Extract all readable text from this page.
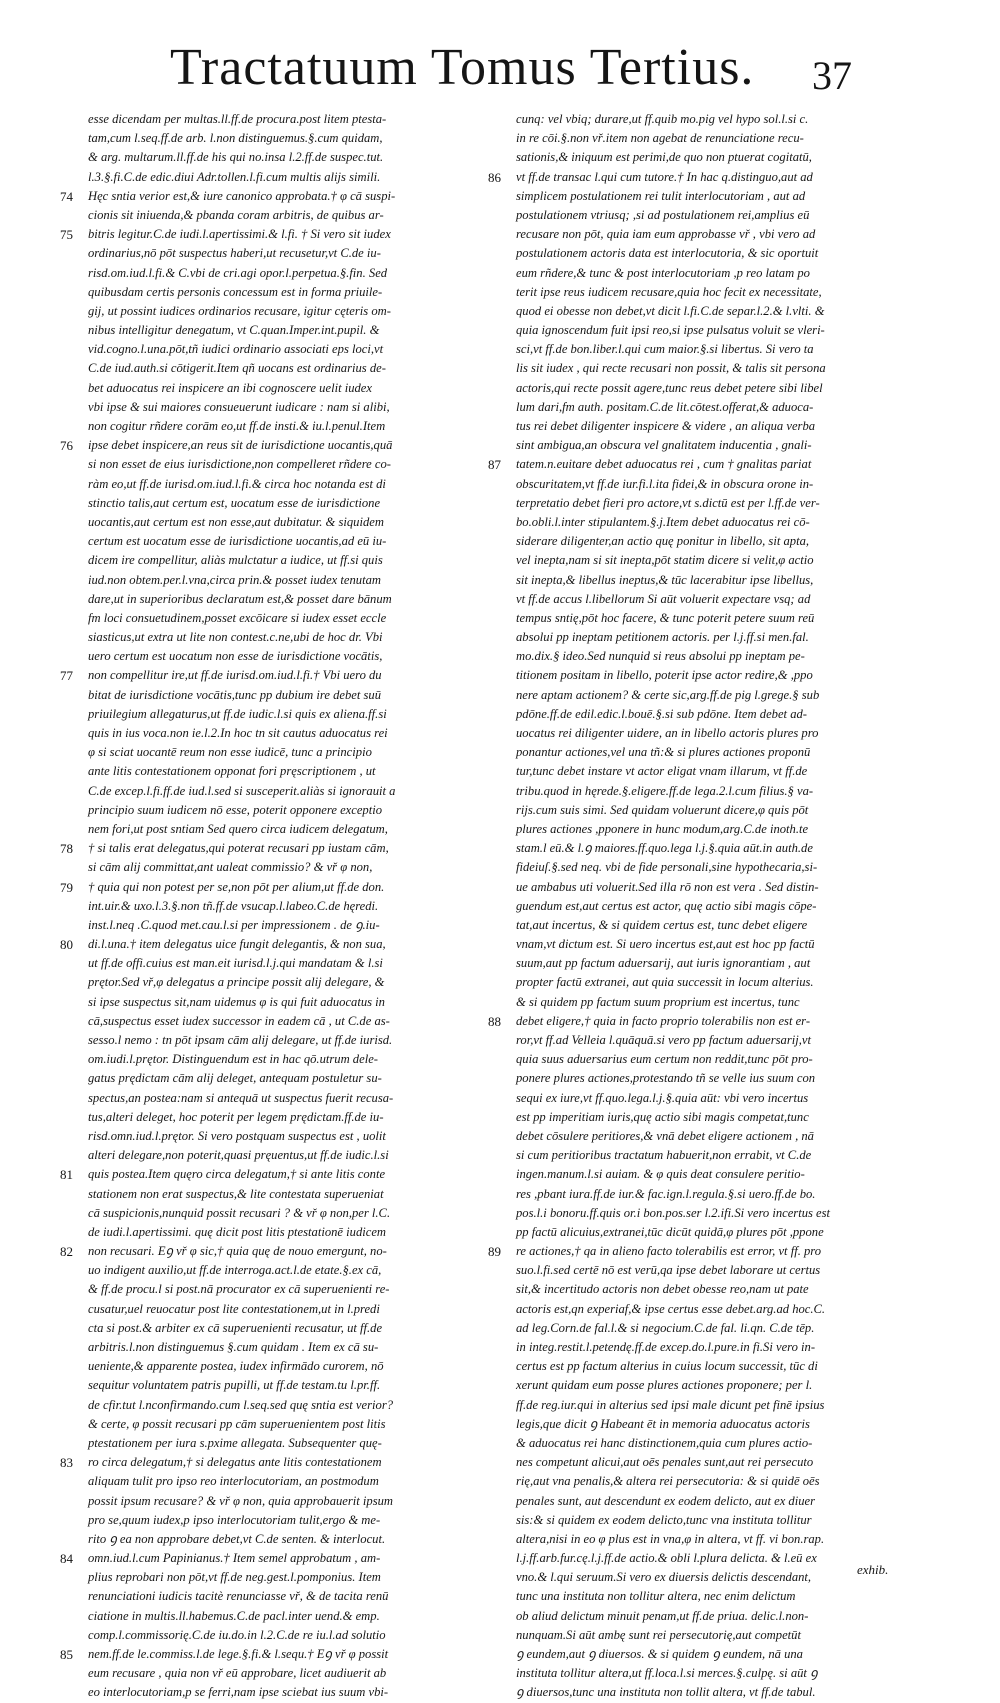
Tractatuum Tomus Tertius. 37
esse dicendam per multas.ll.ff.de procura.post litem ptesta-
tam,cum l.seq.ff.de arb. l.non distinguemus.§.cum quidam,
& arg. multarum.ll.ff.de his qui no.insa l.2.ff.de suspec.tut.
l.3.§.fi.C.de edic.diui Adr.tollen.l.fi.cum multis alijs simili.
74	Hęc sntia verior est,& iure canonico approbata.† φ cā suspi-
cionis sit iniuenda,& pbanda coram arbitris, de quibus ar-
75	bitris legitur.C.de iudi.l.apertissimi.& l.fi. † Si vero sit iudex
ordinarius,nō pōt suspectus haberi,ut recusetur,vt C.de iu-
risd.om.iud.l.fi.& C.vbi de cri.agi opor.l.perpetua.§.fin. Sed
quibusdam certis personis concessum est in forma priuile-
gij, ut possint iudices ordinarios recusare, igitur cęteris om-
nibus intelligitur denegatum, vt C.quan.Imper.int.pupil. &
vid.cogno.l.una.pōt,tñ iudici ordinario associati eps loci,vt
C.de iud.auth.si cōtigerit.Item qñ uocans est ordinarius de-
bet aduocatus rei inspicere an ibi cognoscere uelit iudex
vbi ipse & sui maiores consueuerunt iudicare : nam si alibi,
non cogitur rñdere corām eo,ut ff.de insti.& iu.l.penul.Item
76	ipse debet inspicere,an reus sit de iurisdictione uocantis,quā
si non esset de eius iurisdictione,non compelleret rñdere co-
ràm eo,ut ff.de iurisd.om.iud.l.fi.& circa hoc notanda est di
stinctio talis,aut certum est, uocatum esse de iurisdictione
uocantis,aut certum est non esse,aut dubitatur. & siquidem
certum est uocatum esse de iurisdictione uocantis,ad eū iu-
dicem ire compellitur, aliàs mulctatur a iudice, ut ff.si quis
iud.non obtem.per.l.vna,circa prin.& posset iudex tenutam
dare,ut in superioribus declaratum est,& posset dare bānum
fm loci consuetudinem,posset excōicare si iudex esset eccle
siasticus,ut extra ut lite non contest.c.ne,ubi de hoc dr. Vbi
uero certum est uocatum non esse de iurisdictione vocātis,
77	non compellitur ire,ut ff.de iurisd.om.iud.l.fi.† Vbi uero du
bitat de iurisdictione vocātis,tunc pp dubium ire debet suū
priuilegium allegaturus,ut ff.de iudic.l.si quis ex aliena.ff.si
quis in ius voca.non ie.l.2.In hoc tn sit cautus aduocatus rei
φ si sciat uocantē reum non esse iudicē, tunc a principio
ante litis contestationem opponat fori pręscriptionem , ut
C.de excep.l.fi.ff.de iud.l.sed si susceperit.aliàs si ignorauit a
principio suum iudicem nō esse, poterit opponere exceptio
nem fori,ut post sntiam Sed quero circa iudicem delegatum,
78	† si talis erat delegatus,qui poterat recusari pp iustam cām,
si cām alij committat,ant ualeat commissio? & vř φ non,
79	† quia qui non potest per se,non pōt per alium,ut ff.de don.
int.uir.& uxo.l.3.§.non tñ.ff.de vsucap.l.labeo.C.de hęredi.
inst.l.neq .C.quod met.cau.l.si per impressionem . de ꝯ.iu-
80	di.l.una.† item delegatus uice fungit delegantis, & non sua,
ut ff.de offi.cuius est man.eit iurisd.l.j.qui mandatam & l.si
prętor.Sed vř,φ delegatus a principe possit alij delegare, &
si ipse suspectus sit,nam uidemus φ is qui fuit aduocatus in
cā,suspectus esset iudex successor in eadem cā , ut C.de as-
sesso.l nemo : tn pōt ipsam cām alij delegare, ut ff.de iurisd.
om.iudi.l.prętor. Distinguendum est in hac qō.utrum dele-
gatus prędictam cām alij deleget, antequam postuletur su-
spectus,an postea:nam si antequā ut suspectus fuerit recusa-
tus,alteri deleget, hoc poterit per legem prędictam.ff.de iu-
risd.omn.iud.l.prętor. Si vero postquam suspectus est , uolit
alteri delegare,non poterit,quasi pręuentus,ut ff.de iudic.l.si
81	quis postea.Item quęro circa delegatum,† si ante litis conte
stationem non erat suspectus,& lite contestata superueniat
cā suspicionis,nunquid possit recusari ? & vř φ non,per l.C.
de iudi.l.apertissimi. quę dicit post litis ptestationē iudicem
82	non recusari. Eꝯ vř φ sic,† quia quę de nouo emergunt, no-
uo indigent auxilio,ut ff.de interroga.act.l.de etate.§.ex cā,
& ff.de procu.l si post.nā procurator ex cā superuenienti re-
cusatur,uel reuocatur post lite contestationem,ut in l.predi
cta si post.& arbiter ex cā superuenienti recusatur, ut ff.de
arbitris.l.non distinguemus §.cum quidam . Item ex cā su-
ueniente,& apparente postea, iudex infirmādo curorem, nō
sequitur voluntatem patris pupilli, ut ff.de testam.tu l.pr.ff.
de cfir.tut l.nconfirmando.cum l.seq.sed quę sntia est verior?
& certe, φ possit recusari pp cām superuenientem post litis
ptestationem per iura s.pxime allegata. Subsequenter quę-
83	ro circa delegatum,† si delegatus ante litis contestationem
aliquam tulit pro ipso reo interlocutoriam, an postmodum
possit ipsum recusare? & vř φ non, quia approbauerit ipsum
pro se,quum iudex,p ipso interlocutoriam tulit,ergo & me-
rito ꝯ ea non approbare debet,vt C.de senten. & interlocut.
84	omn.iud.l.cum Papinianus.† Item semel approbatum , am-
plius reprobari non pōt,vt ff.de neg.gest.l.pomponius. Item
renunciationi iudicis tacitè renunciasse vř, & de tacita renū
ciatione in multis.ll.habemus.C.de pacl.inter uend.& emp.
comp.l.commissorię.C.de iu.do.in l.2.C.de re iu.l.ad solutio
85	nem.ff.de le.commiss.l.de lege.§.fi.& l.sequ.† Eꝯ vř φ possit
eum recusare , quia non vř eū approbare, licet audiuerit ab
eo interlocutoriam,p se ferri,nam ipse sciebat ius suum vbi-
cunq: vel vbiq; durare,ut ff.quib mo.pig vel hypo sol.l.si c.
in re cōi.§.non vř.item non agebat de renunciatione recu-
sationis,& iniquum est perimi,de quo non ptuerat cogitatū,
86	vt ff.de transac l.qui cum tutore.† In hac q.distinguo,aut ad
simplicem postulationem rei tulit interlocutoriam , aut ad
postulationem vtriusq; ,si ad postulationem rei,amplius eū
recusare non pōt, quia iam eum approbasse vř , vbi vero ad
postulationem actoris data est interlocutoria, & sic oportuit
eum rñdere,& tunc & post interlocutoriam ,p reo latam po
terit ipse reus iudicem recusare,quia hoc fecit ex necessitate,
quod ei obesse non debet,vt dicit l.fi.C.de separ.l.2.& l.vlti. &
quia ignoscendum fuit ipsi reo,si ipse pulsatus voluit se vleri-
sci,vt ff.de bon.liber.l.qui cum maior.§.si libertus. Si vero ta
lis sit iudex , qui recte recusari non possit, & talis sit persona
actoris,qui recte possit agere,tunc reus debet petere sibi libel
lum dari,fm auth. positam.C.de lit.cōtest.offerat,& aduoca-
tus rei debet diligenter inspicere & videre , an aliqua verba
sint ambigua,an obscura vel gnalitatem inducentia , gnali-
87	tatem.n.euitare debet aduocatus rei , cum † gnalitas pariat
obscuritatem,vt ff.de iur.fi.l.ita fidei,& in obscura orone in-
terpretatio debet fieri pro actore,vt s.dictū est per l.ff.de ver-
bo.obli.l.inter stipulantem.§.j.Item debet aduocatus rei cō-
siderare diligenter,an actio quę ponitur in libello, sit apta,
vel inepta,nam si sit inepta,pōt statim dicere si velit,φ actio
sit inepta,& libellus ineptus,& tūc lacerabitur ipse libellus,
vt ff.de accus l.libellorum Si aūt voluerit expectare vsq; ad
tempus sntię,pōt hoc facere, & tunc poterit petere suum reū
absolui pp ineptam petitionem actoris. per l.j.ff.si men.fal.
mo.dix.§ ideo.Sed nunquid si reus absolui pp ineptam pe-
titionem positam in libello, poterit ipse actor redire,& ,ppo
nere aptam actionem? & certe sic,arg.ff.de pig l.grege.§ sub
pdōne.ff.de edil.edic.l.bouē.§.si sub pdōne. Item debet ad-
uocatus rei diligenter uidere, an in libello actoris plures pro
ponantur actiones,vel una tñ:& si plures actiones proponū
tur,tunc debet instare vt actor eligat vnam illarum, vt ff.de
tribu.quod in hęrede.§.eligere.ff.de lega.2.l.cum filius.§ va-
rijs.cum suis simi. Sed quidam voluerunt dicere,φ quis pōt
plures actiones ,pponere in hunc modum,arg.C.de inoth.te
stam.l eū.& l.ꝯ maiores.ff.quo.lega l.j.§.quia aūt.in auth.de
fideiuſ.§.sed neq. vbi de fide personali,sine hypothecaria,si-
ue ambabus uti voluerit.Sed illa rō non est vera . Sed distin-
guendum est,aut certus est actor, quę actio sibi magis cōpe-
tat,aut incertus, & si quidem certus est, tunc debet eligere
vnam,vt dictum est. Si uero incertus est,aut est hoc pp factū
suum,aut pp factum aduersarij, aut iuris ignorantiam , aut
propter factū extranei, aut quia successit in locum alterius.
& si quidem pp factum suum proprium est incertus, tunc
88	debet eligere,† quia in facto proprio tolerabilis non est er-
ror,vt ff.ad Velleia l.quāquā.si vero pp factum aduersarij,vt
quia suus aduersarius eum certum non reddit,tunc pōt pro-
ponere plures actiones,protestando tñ se velle ius suum con
sequi ex iure,vt ff.quo.lega.l.j.§.quia aūt: vbi vero incertus
est pp imperitiam iuris,quę actio sibi magis competat,tunc
debet cōsulere peritiores,& vnā debet eligere actionem , nā
si cum peritioribus tractatum habuerit,non errabit, vt C.de
ingen.manum.l.si auiam. & φ quis deat consulere peritio-
res ,pbant iura.ff.de iur.& fac.ign.l.regula.§.si uero.ff.de bo.
pos.l.i bonoru.ff.quis or.i bon.pos.ser l.2.ifi.Si vero incertus est
pp factū alicuius,extranei,tūc dicūt quidā,φ plures pōt ,ppone
89	re actiones,† qa in alieno facto tolerabilis est error, vt ff. pro
suo.l.fi.sed certē nō est verū,qa ipse debet laborare ut certus
sit,& incertitudo actoris non debet obesse reo,nam ut pate
actoris est,qn experiaf,& ipse certus esse debet.arg.ad hoc.C.
ad leg.Corn.de fal.l.& si negocium.C.de fal. li.qn. C.de tēp.
in integ.restit.l.petendę.ff.de excep.do.l.pure.in fi.Si vero in-
certus est pp factum alterius in cuius locum successit, tūc di
xerunt quidam eum posse plures actiones proponere; per l.
ff.de reg.iur.qui in alterius sed ipsi male dicunt pet finē ipsius
legis,que dicit ꝯ Habeant ēt in memoria aduocatus actoris
& aduocatus rei hanc distinctionem,quia cum plures actio-
nes competunt alicui,aut oēs penales sunt,aut rei persecuto
rię,aut vna penalis,& altera rei persecutoria: & si quidē oēs
penales sunt, aut descendunt ex eodem delicto, aut ex diuer
sis:& si quidem ex eodem delicto,tunc vna instituta tollitur
altera,nisi in eo φ plus est in vna,φ in altera, vt ff. vi bon.rap.
l.j.ff.arb.fur.cę.l.j.ff.de actio.& obli l.plura delicta. & l.eū ex
vno.& l.qui seruum.Si vero ex diuersis delictis descendant,
tunc una instituta non tollitur altera, nec enim delictum
ob aliud delictum minuit penam,ut ff.de priua. delic.l.non-
nunquam.Si aūt ambę sunt rei persecutorię,aut competūt
ꝯ eundem,aut ꝯ diuersos. & si quidem ꝯ eundem, nā una
instituta tollitur altera,ut ff.loca.l.si merces.§.culpę. si aūt ꝯ
ꝯ diuersos,tunc una instituta non tollit altera, vt ff.de tabul.
exhib.
